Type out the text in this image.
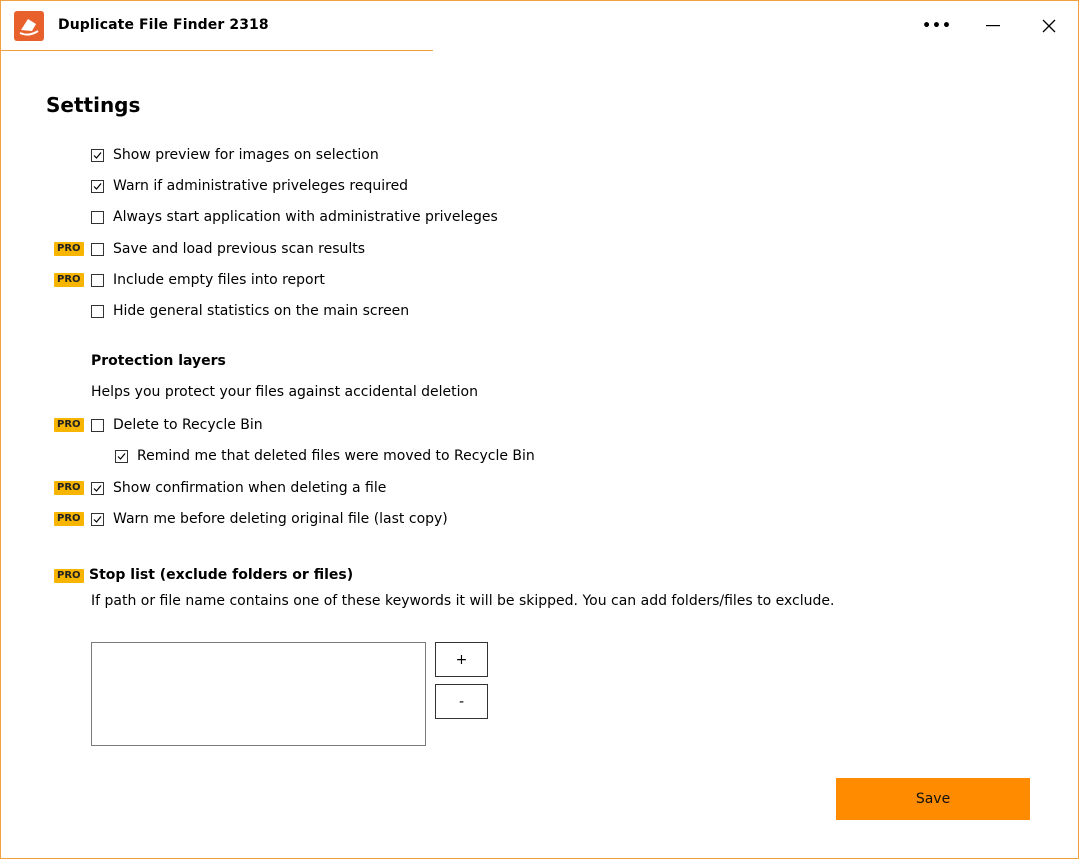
Duplicate File Finder 2318	•••
Settings
Show preview for images on selection
Warn if administrative priveleges required
Always start application with administrative priveleges
PRO Save and load previous scan results
PRO Include empty files into report
Hide general statistics on the main screen
Protection layers
Helps you protect your files against accidental deletion
PRO Delete to Recycle Bin
Remind me that deleted files were moved to Recycle Bin
PRO Show confirmation when deleting a file
PRO Warn me before deleting original file (last copy)
PRO Stop list (exclude folders or files)
If path or file name contains one of these keywords it will be skipped. You can add folders/files to exclude.
+
-
Save
